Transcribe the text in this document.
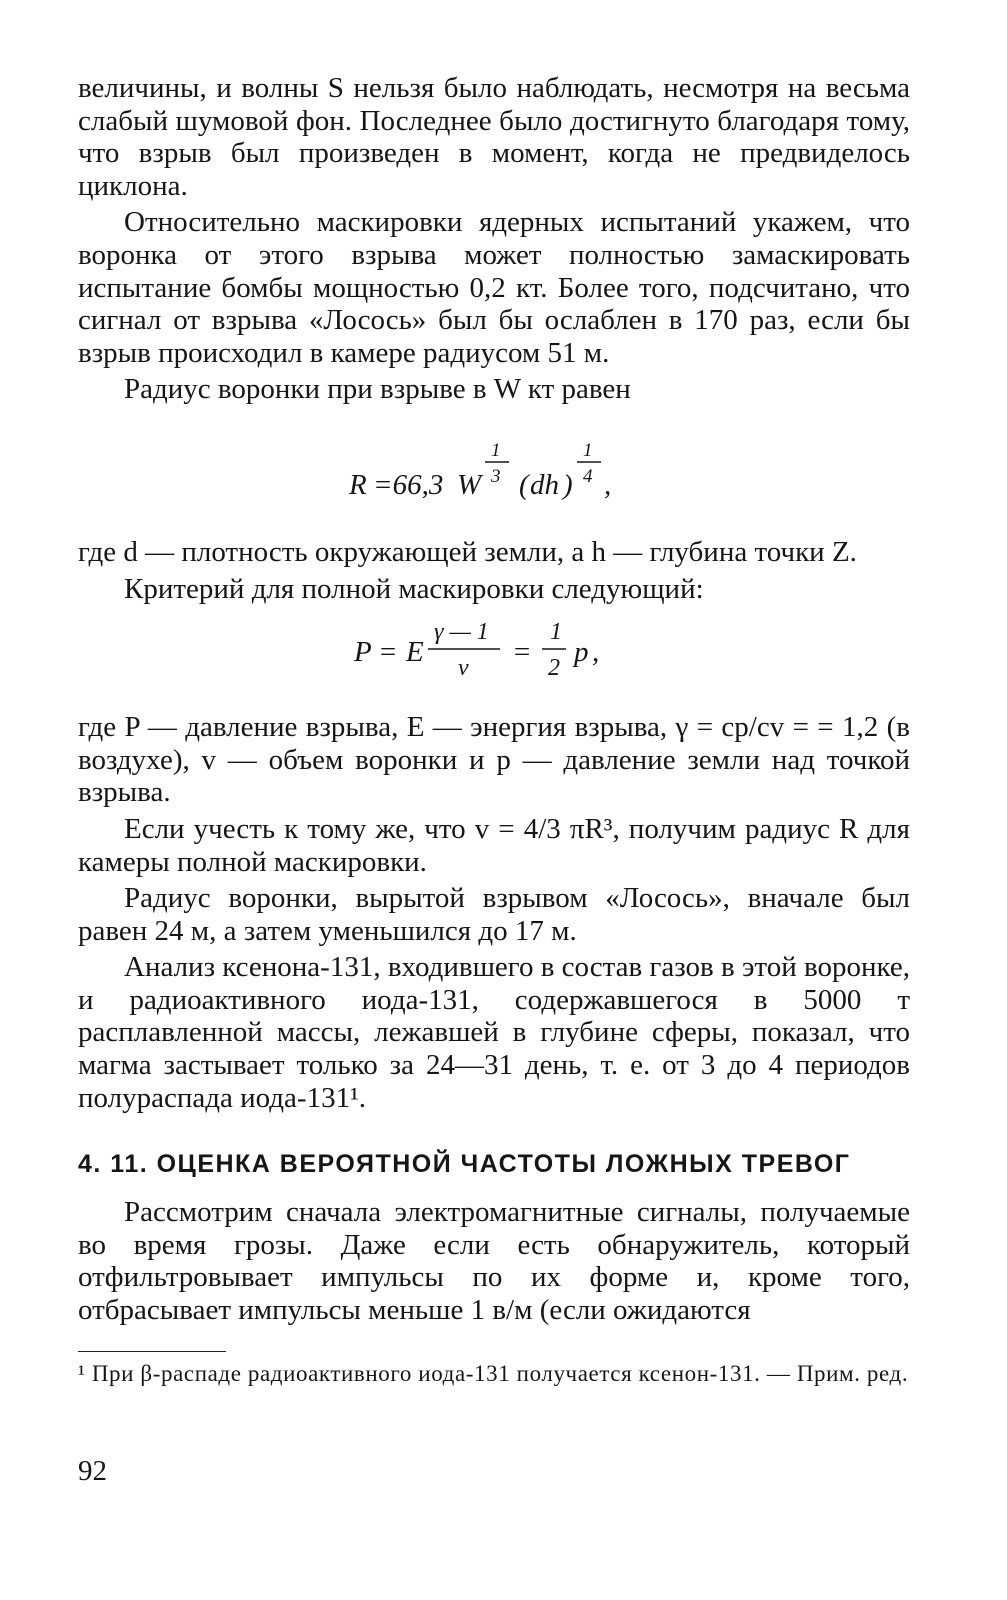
величины, и волны S нельзя было наблюдать, несмотря на весьма слабый шумовой фон. Последнее было достигнуто благодаря тому, что взрыв был произведен в момент, когда не предвиделось циклона.

Относительно маскировки ядерных испытаний укажем, что воронка от этого взрыва может полностью замаскировать испытание бомбы мощностью 0,2 кт. Более того, подсчитано, что сигнал от взрыва «Лосось» был бы ослаблен в 170 раз, если бы взрыв происходил в камере радиусом 51 м.

Радиус воронки при взрыве в W кт равен

R =66,3 W
1
3 ( dh )
1
4 ,

где d — плотность окружающей земли, а h — глубина точки Z.

Критерий для полной маскировки следующий:

P = E
γ — 1
v =
1
2 p ,

где P — давление взрыва, E — энергия взрыва, γ = cp/cv = = 1,2 (в воздухе), v — объем воронки и p — давление земли над точкой взрыва.

Если учесть к тому же, что v = 4/3 πR³, получим радиус R для камеры полной маскировки.

Радиус воронки, вырытой взрывом «Лосось», вначале был равен 24 м, а затем уменьшился до 17 м.

Анализ ксенона-131, входившего в состав газов в этой воронке, и радиоактивного иода-131, содержавшегося в 5000 т расплавленной массы, лежавшей в глубине сферы, показал, что магма застывает только за 24—31 день, т. е. от 3 до 4 периодов полураспада иода-131¹.

4. 11. ОЦЕНКА ВЕРОЯТНОЙ ЧАСТОТЫ ЛОЖНЫХ ТРЕВОГ

Рассмотрим сначала электромагнитные сигналы, получаемые во время грозы. Даже если есть обнаружитель, который отфильтровывает импульсы по их форме и, кроме того, отбрасывает импульсы меньше 1 в/м (если ожидаются

¹ При β-распаде радиоактивного иода-131 получается ксенон-131. — Прим. ред.

92
